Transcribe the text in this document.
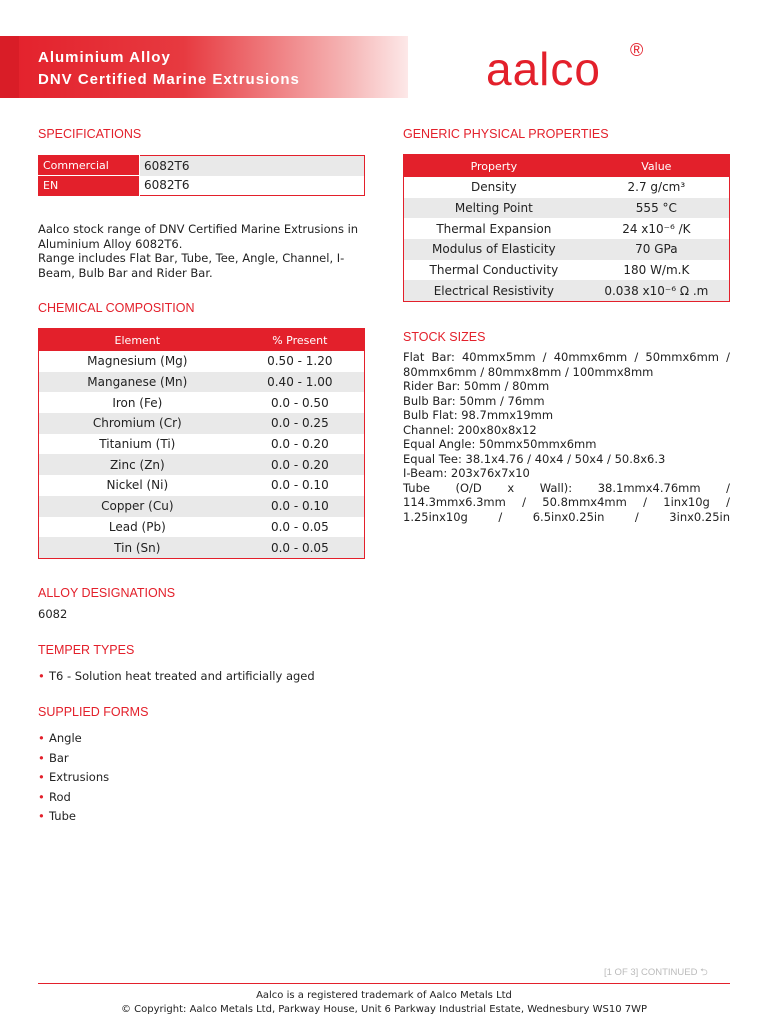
Aluminium Alloy
DNV Certified Marine Extrusions	aalco ®
SPECIFICATIONS
Commercial	6082T6
EN	6082T6
Aalco stock range of DNV Certified Marine Extrusions in
Aluminium Alloy 6082T6.
Range includes Flat Bar, Tube, Tee, Angle, Channel, I-
Beam, Bulb Bar and Rider Bar.
CHEMICAL COMPOSITION
Element	% Present
Magnesium (Mg)	0.50 - 1.20
Manganese (Mn)	0.40 - 1.00
Iron (Fe)	0.0 - 0.50
Chromium (Cr)	0.0 - 0.25
Titanium (Ti)	0.0 - 0.20
Zinc (Zn)	0.0 - 0.20
Nickel (Ni)	0.0 - 0.10
Copper (Cu)	0.0 - 0.10
Lead (Pb)	0.0 - 0.05
Tin (Sn)	0.0 - 0.05
ALLOY DESIGNATIONS
6082
TEMPER TYPES
• T6 - Solution heat treated and artificially aged
SUPPLIED FORMS
• Angle
• Bar
• Extrusions
• Rod
• Tube
GENERIC PHYSICAL PROPERTIES
Property	Value
Density	2.7 g/cm³
Melting Point	555 °C
Thermal Expansion	24 x10⁻⁶ /K
Modulus of Elasticity	70 GPa
Thermal Conductivity	180 W/m.K
Electrical Resistivity	0.038 x10⁻⁶ Ω .m
STOCK SIZES
Flat Bar: 40mmx5mm / 40mmx6mm / 50mmx6mm /
80mmx6mm / 80mmx8mm / 100mmx8mm
Rider Bar: 50mm / 80mm
Bulb Bar: 50mm / 76mm
Bulb Flat: 98.7mmx19mm
Channel: 200x80x8x12
Equal Angle: 50mmx50mmx6mm
Equal Tee: 38.1x4.76 / 40x4 / 50x4 / 50.8x6.3
I-Beam: 203x76x7x10
Tube (O/D x Wall): 38.1mmx4.76mm /
114.3mmx6.3mm / 50.8mmx4mm / 1inx10g /
1.25inx10g / 6.5inx0.25in / 3inx0.25in
[1 OF 3] CONTINUED ⮌
Aalco is a registered trademark of Aalco Metals Ltd
© Copyright: Aalco Metals Ltd, Parkway House, Unit 6 Parkway Industrial Estate, Wednesbury WS10 7WP
